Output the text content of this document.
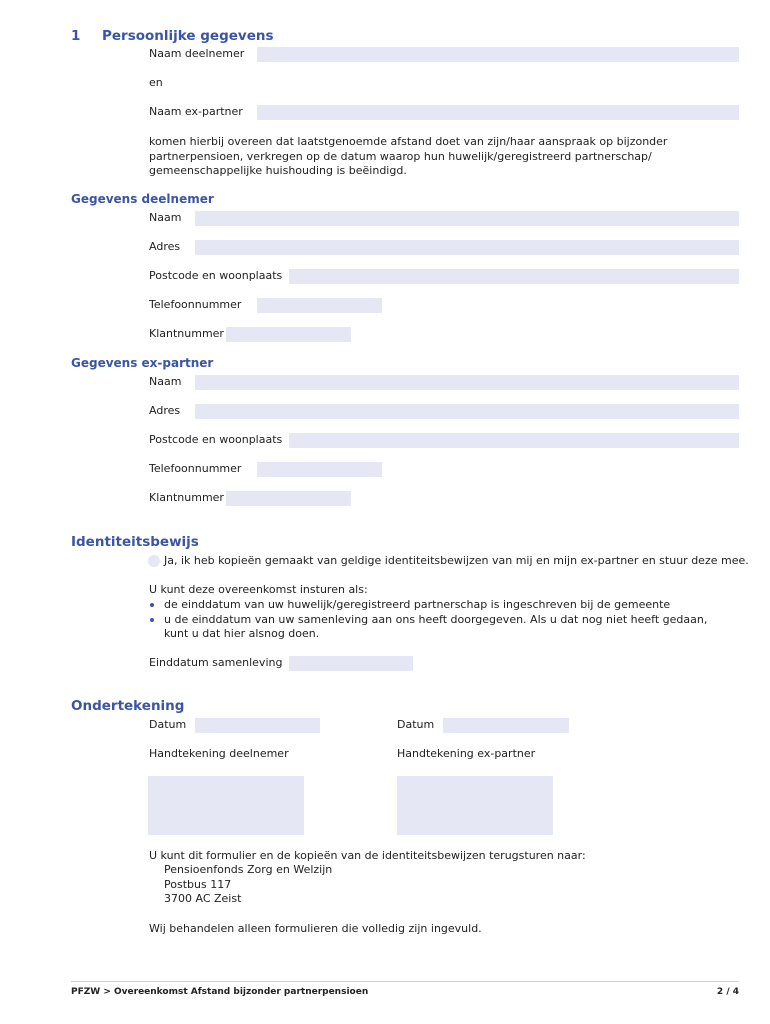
1 Persoonlijke gegevens
Naam deelnemer
en
Naam ex-partner
komen hierbij overeen dat laatstgenoemde afstand doet van zijn/haar aanspraak op bijzonder partnerpensioen, verkregen op de datum waarop hun huwelijk/geregistreerd partnerschap/ gemeenschappelijke huishouding is beëindigd.
Gegevens deelnemer
Naam
Adres
Postcode en woonplaats
Telefoonnummer
Klantnummer
Gegevens ex-partner
Naam
Adres
Postcode en woonplaats
Telefoonnummer
Klantnummer
Identiteitsbewijs
Ja, ik heb kopieën gemaakt van geldige identiteitsbewijzen van mij en mijn ex-partner en stuur deze mee.
U kunt deze overeenkomst insturen als:
de einddatum van uw huwelijk/geregistreerd partnerschap is ingeschreven bij de gemeente
u de einddatum van uw samenleving aan ons heeft doorgegeven. Als u dat nog niet heeft gedaan, kunt u dat hier alsnog doen.
Einddatum samenleving
Ondertekening
Datum	Datum
Handtekening deelnemer	Handtekening ex-partner
U kunt dit formulier en de kopieën van de identiteitsbewijzen terugsturen naar:
Pensioenfonds Zorg en Welzijn
Postbus 117
3700 AC Zeist
Wij behandelen alleen formulieren die volledig zijn ingevuld.
PFZW > Overeenkomst Afstand bijzonder partnerpensioen	2 / 4
